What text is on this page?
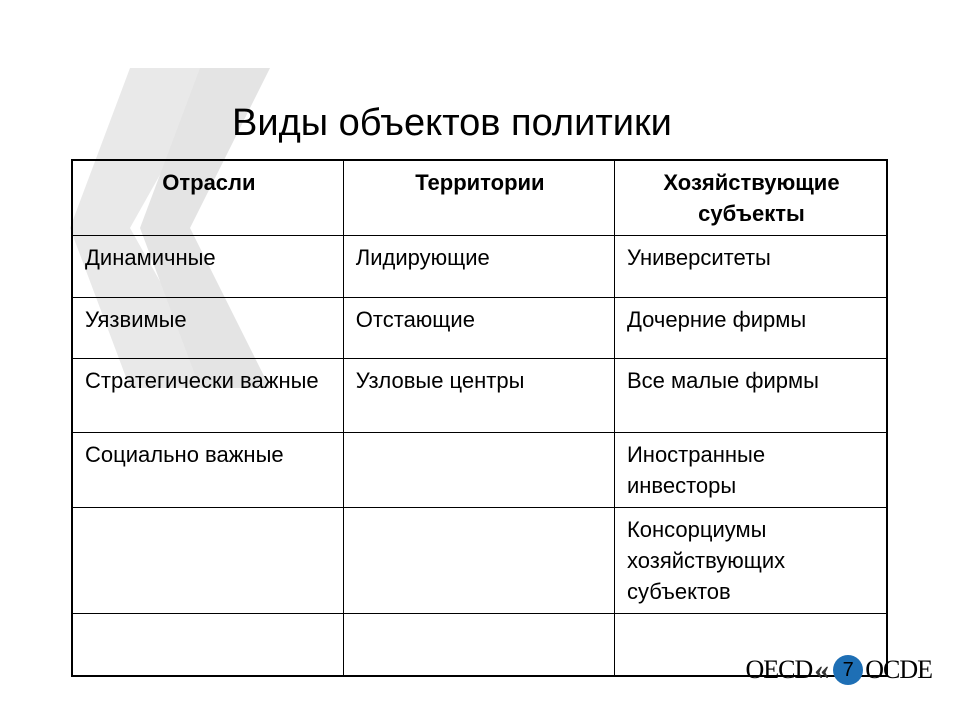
Виды объектов политики
Отрасли	Территории	Хозяйствующие субъекты
Динамичные	Лидирующие	Университеты
Уязвимые	Отстающие	Дочерние фирмы
Стратегически важные	Узловые центры	Все малые фирмы
Социально важные		Иностранные инвесторы
		Консорциумы хозяйствующих субъектов

OECD « 7 OCDE
